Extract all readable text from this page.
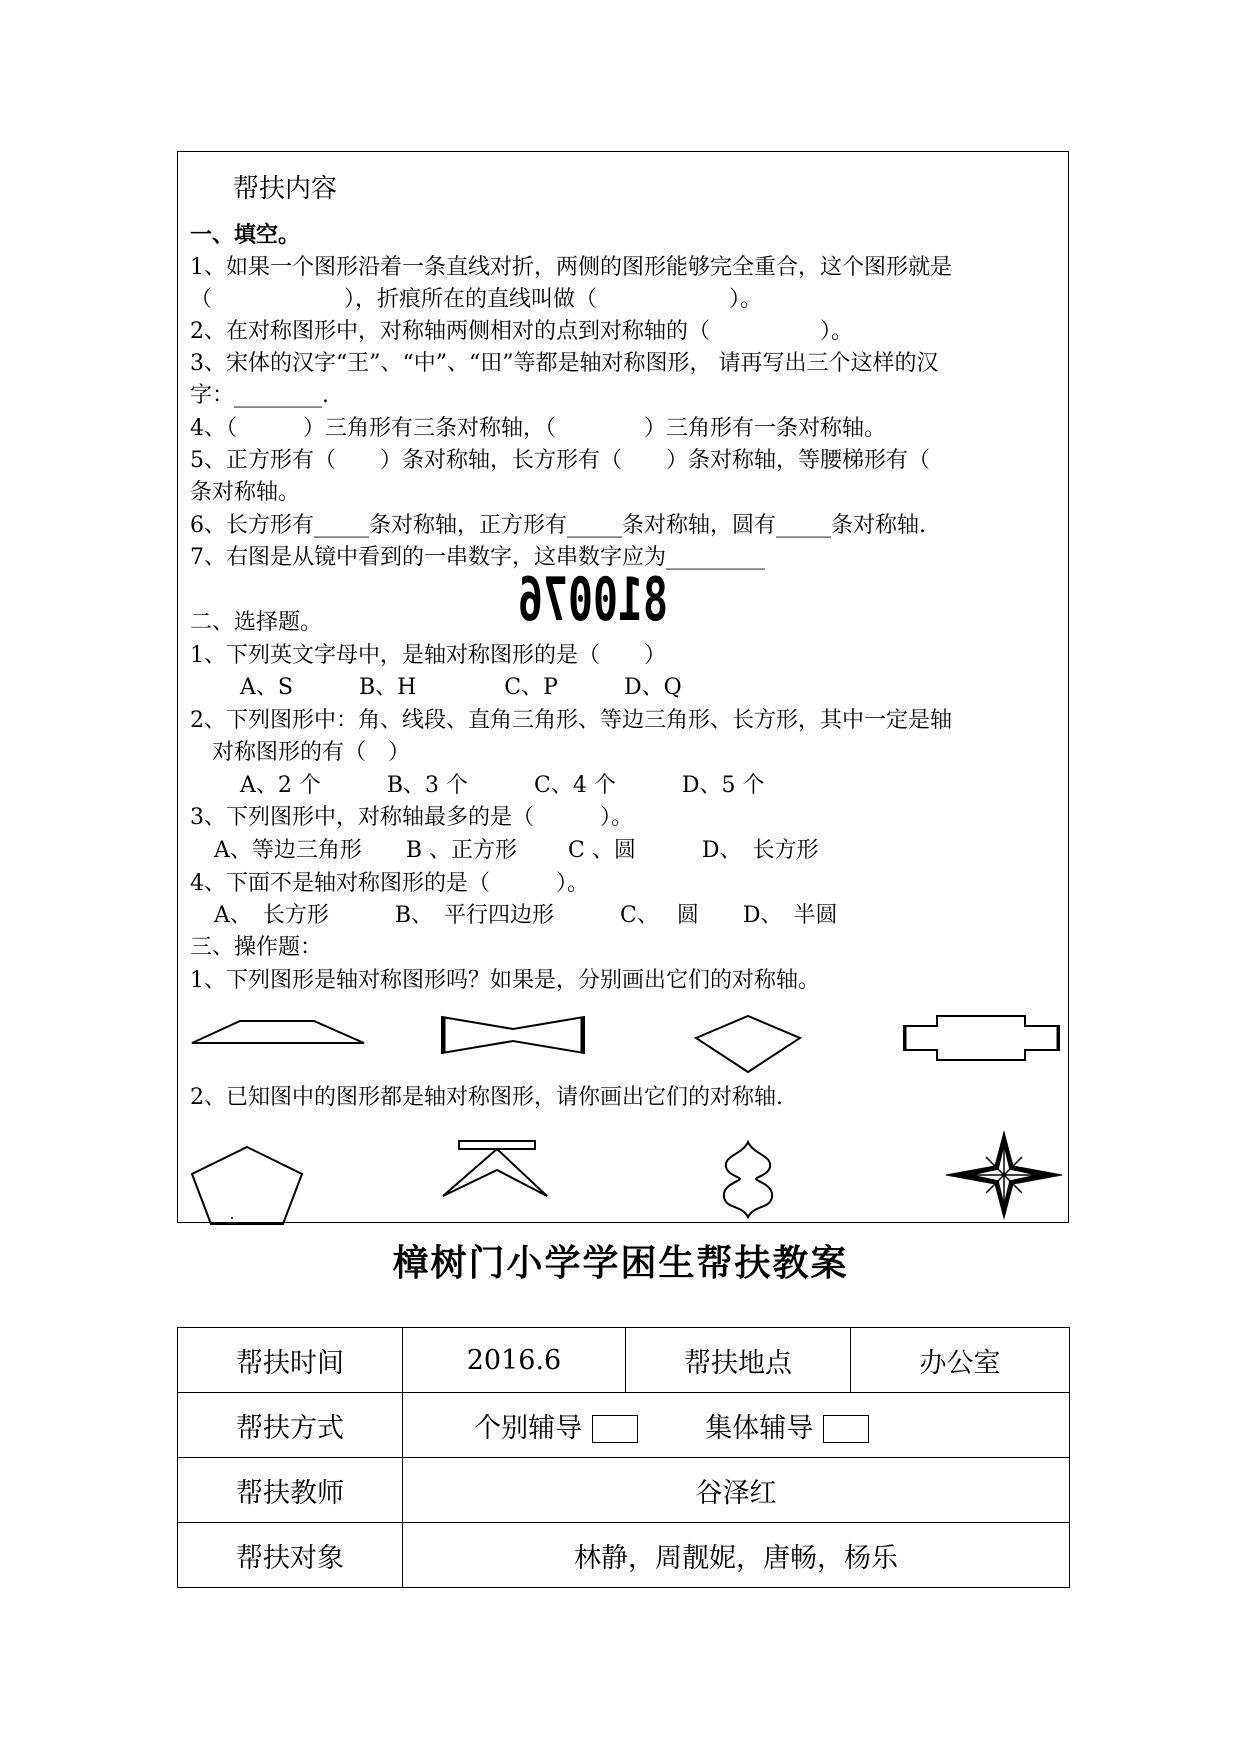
帮扶内容
一、填空。
1、如果一个图形沿着一条直线对折，两侧的图形能够完全重合，这个图形就是
（　　　　　　），折痕所在的直线叫做（　　　　　　）。
2、在对称图形中，对称轴两侧相对的点到对称轴的（　　　　　）。
3、宋体的汉字“王”、“中”、“田”等都是轴对称图形， 请再写出三个这样的汉
字：________.
4、（　　　）三角形有三条对称轴，（　　　　）三角形有一条对称轴。
5、正方形有（　　）条对称轴，长方形有（　　）条对称轴，等腰梯形有（
条对称轴。
6、长方形有_____条对称轴，正方形有_____条对称轴，圆有_____条对称轴.
7、右图是从镜中看到的一串数字，这串数字应为_________
810076
二、选择题。
1、下列英文字母中，是轴对称图形的是（　　）
A、S　　　B、H　　　　C、P　　　D、Q
2、下列图形中：角、线段、直角三角形、等边三角形、长方形，其中一定是轴
　对称图形的有（　）
A、2 个　　　B、3 个　　　C、4 个　　　D、5 个
3、下列图形中，对称轴最多的是（　　　）。
A、等边三角形　　B 、正方形　　 C 、圆　　　D、　长方形
4、下面不是轴对称图形的是（　　　）。
A、　长方形　　　B、　平行四边形　　　C、　 圆　　D、　半圆
三、操作题：
1、下列图形是轴对称图形吗？如果是，分别画出它们的对称轴。
2、已知图中的图形都是轴对称图形，请你画出它们的对称轴.
樟树门小学学困生帮扶教案
帮扶时间	2016.6	帮扶地点	办公室
帮扶方式	个别辅导 集体辅导		
帮扶教师	谷泽红		
帮扶对象	林静，周靓妮，唐畅，杨乐		
